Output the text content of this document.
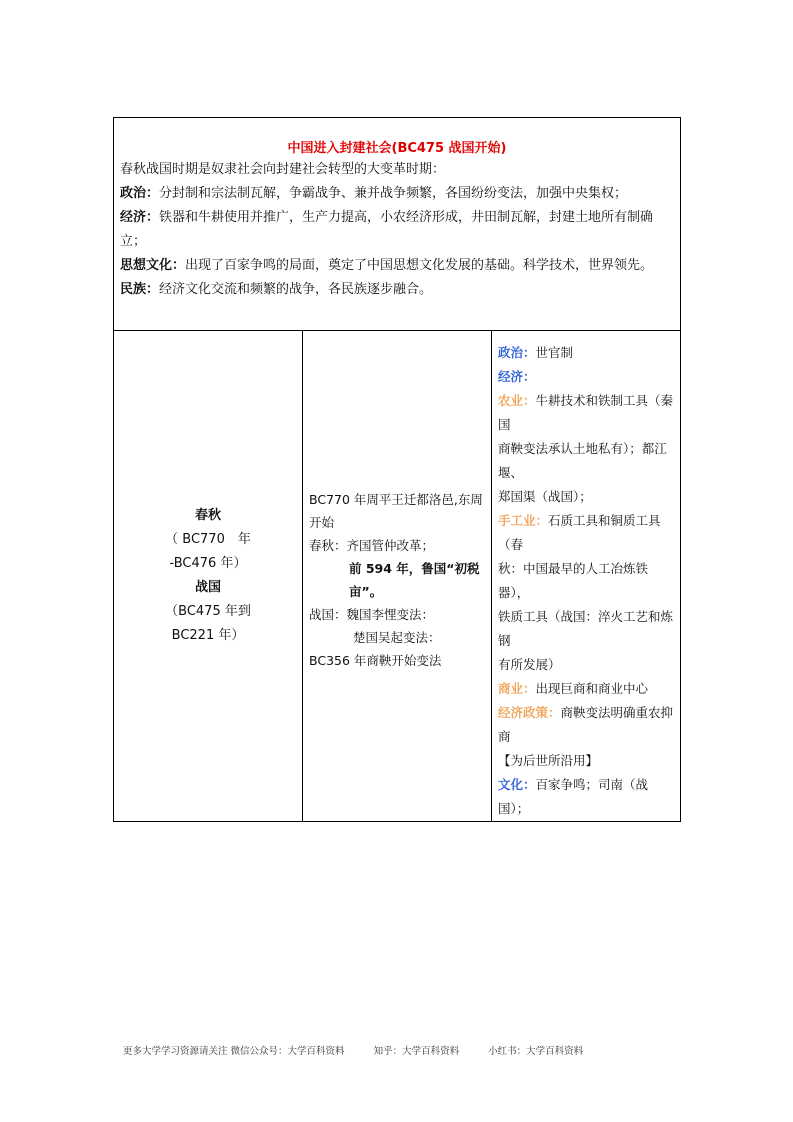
中国进入封建社会(BC475 战国开始)
春秋战国时期是奴隶社会向封建社会转型的大变革时期：
政治：分封制和宗法制瓦解，争霸战争、兼并战争频繁，各国纷纷变法，加强中央集权；
经济：铁器和牛耕使用并推广，生产力提高，小农经济形成，井田制瓦解，封建土地所有制确立；
思想文化：出现了百家争鸣的局面，奠定了中国思想文化发展的基础。科学技术，世界领先。
民族：经济文化交流和频繁的战争，各民族逐步融合。

春秋
（ BC770　年
-BC476 年）
战国
（BC475 年到
BC221 年）

BC770 年周平王迁都洛邑,东周开始
春秋：齐国管仲改革；
前 594 年，鲁国“初税亩”。
战国：魏国李悝变法：
楚国吴起变法：
BC356 年商鞅开始变法

政治：世官制
经济：
农业：牛耕技术和铁制工具（秦国
商鞅变法承认土地私有）；都江堰、
郑国渠（战国）；
手工业：石质工具和铜质工具（春
秋：中国最早的人工冶炼铁器），
铁质工具（战国：淬火工艺和炼钢
有所发展）
商业：出现巨商和商业中心
经济政策：商鞅变法明确重农抑商
【为后世所沿用】
文化：百家争鸣；司南（战国）；
更多大学学习资源请关注 微信公众号：大学百科资料	知乎：大学百科资料	小红书：大学百科资料
